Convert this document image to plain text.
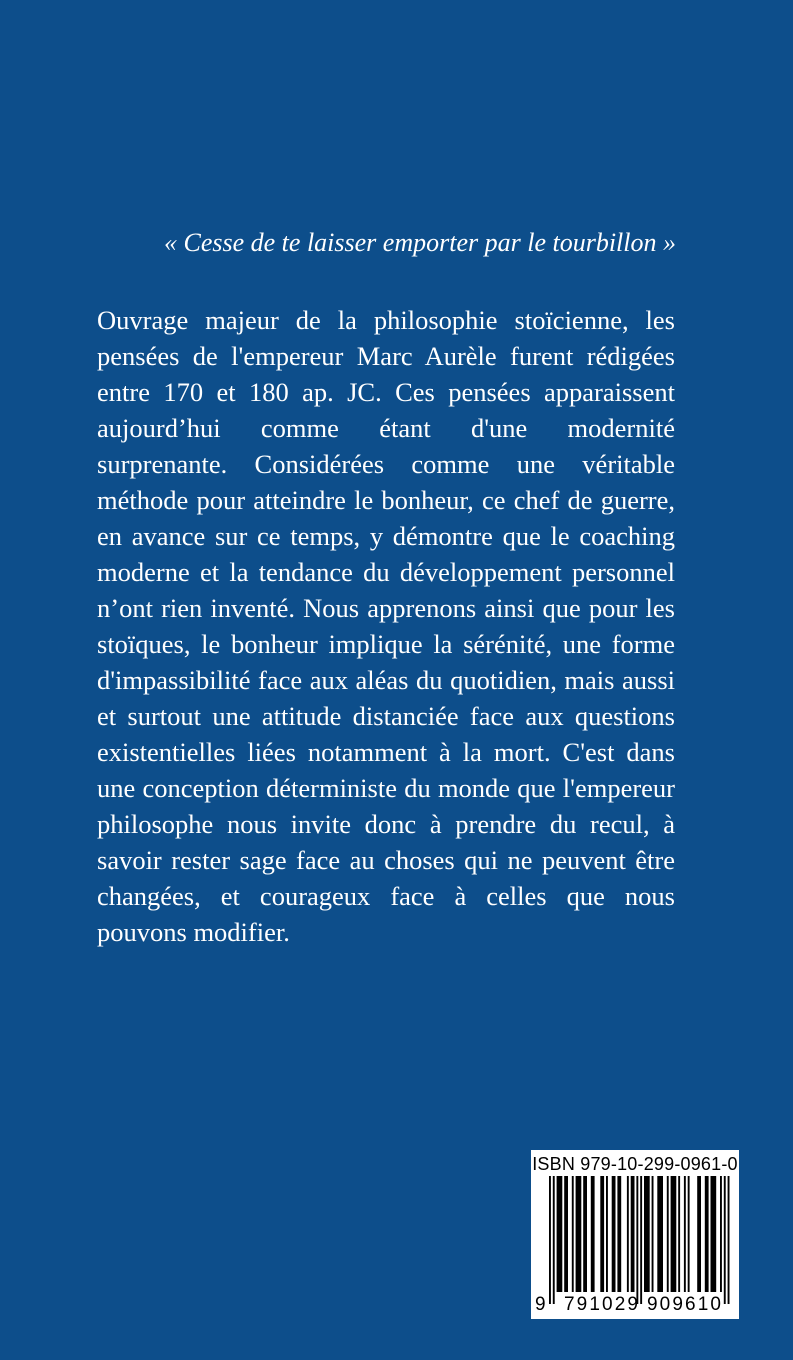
« Cesse de te laisser emporter par le tourbillon »

Ouvrage majeur de la philosophie stoïcienne, les pensées de l'empereur Marc Aurèle furent rédigées entre 170 et 180 ap. JC. Ces pensées apparaissent aujourd’hui comme étant d'une modernité surprenante. Considérées comme une véritable méthode pour atteindre le bonheur, ce chef de guerre, en avance sur ce temps, y démontre que le coaching moderne et la tendance du développement personnel n’ont rien inventé. Nous apprenons ainsi que pour les stoïques, le bonheur implique la sérénité, une forme d'impassibilité face aux aléas du quotidien, mais aussi et surtout une attitude distanciée face aux questions existentielles liées notamment à la mort. C'est dans une conception déterministe du monde que l'empereur philosophe nous invite donc à prendre du recul, à savoir rester sage face au choses qui ne peuvent être changées, et courageux face à celles que nous pouvons modifier.

ISBN 979-10-299-0961-0
9 791029 909610
